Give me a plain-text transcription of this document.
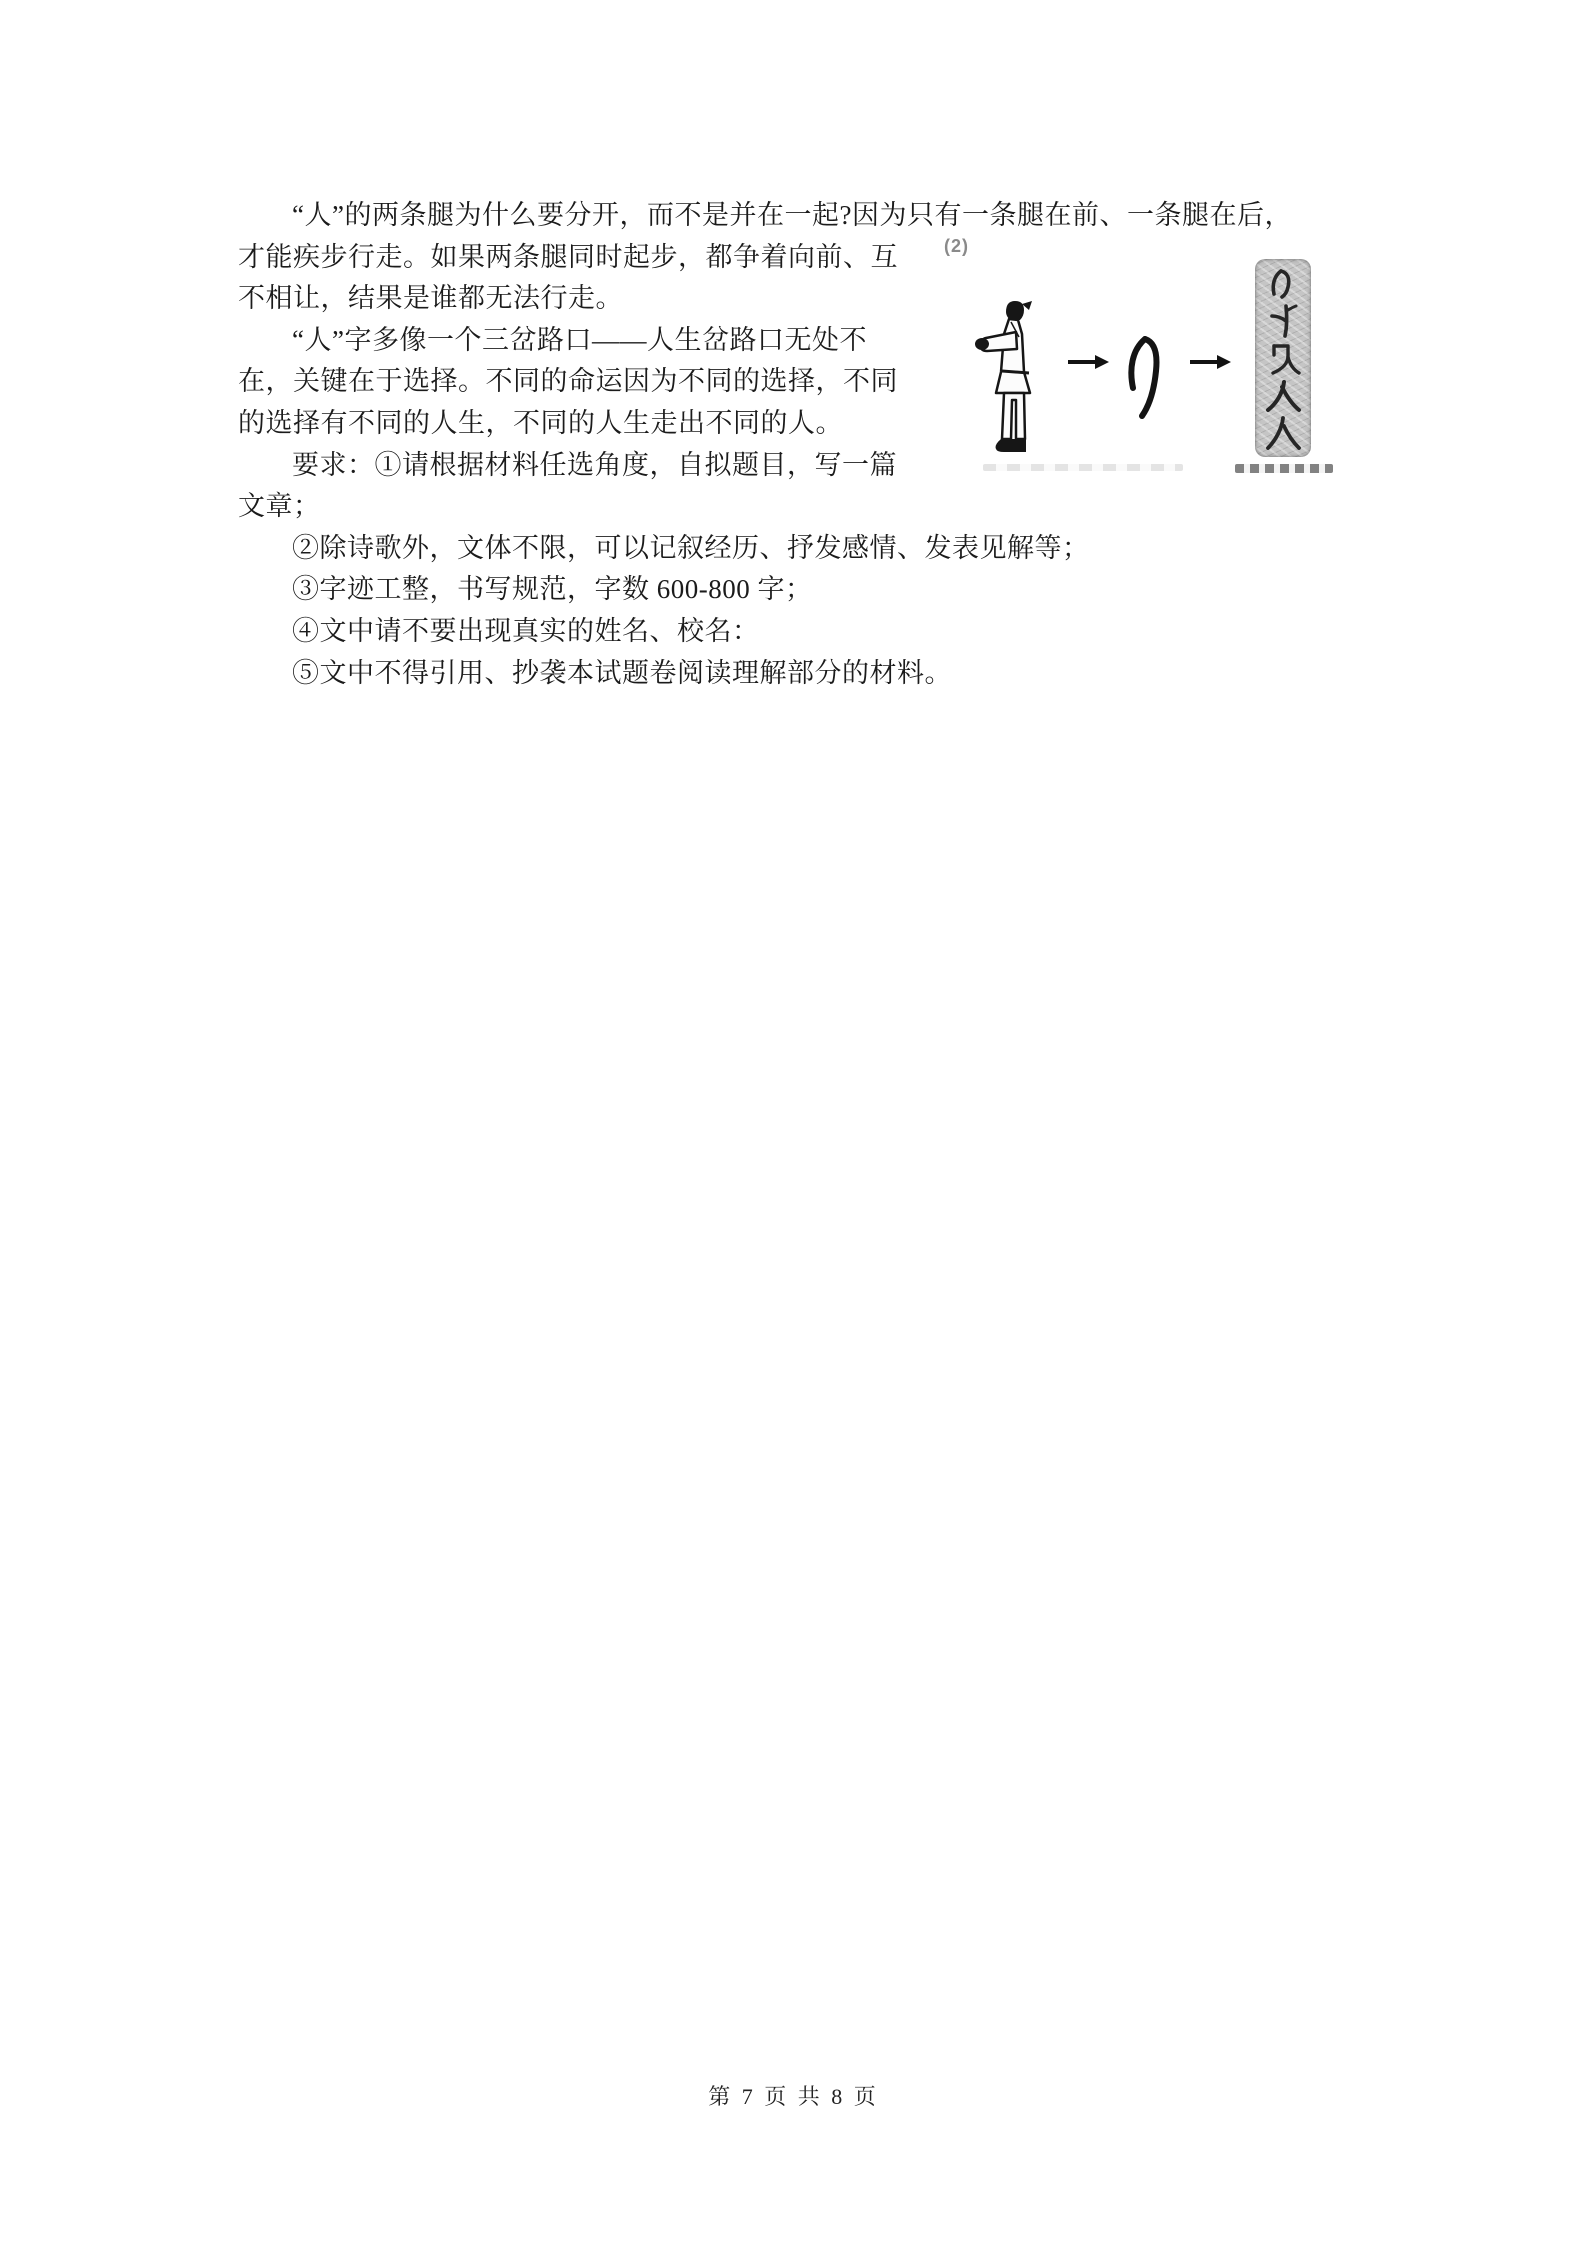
“人”的两条腿为什么要分开，而不是并在一起?因为只有一条腿在前、一条腿在后，
才能疾步行走。如果两条腿同时起步，都争着向前、互
不相让，结果是谁都无法行走。
“人”字多像一个三岔路口——人生岔路口无处不
在，关键在于选择。不同的命运因为不同的选择，不同
的选择有不同的人生，不同的人生走出不同的人。
要求：①请根据材料任选角度，自拟题目，写一篇
文章；
②除诗歌外，文体不限，可以记叙经历、抒发感情、发表见解等；
③字迹工整，书写规范，字数 600-800 字；
④文中请不要出现真实的姓名、校名：
⑤文中不得引用、抄袭本试题卷阅读理解部分的材料。
(2)
第 7 页 共 8 页
